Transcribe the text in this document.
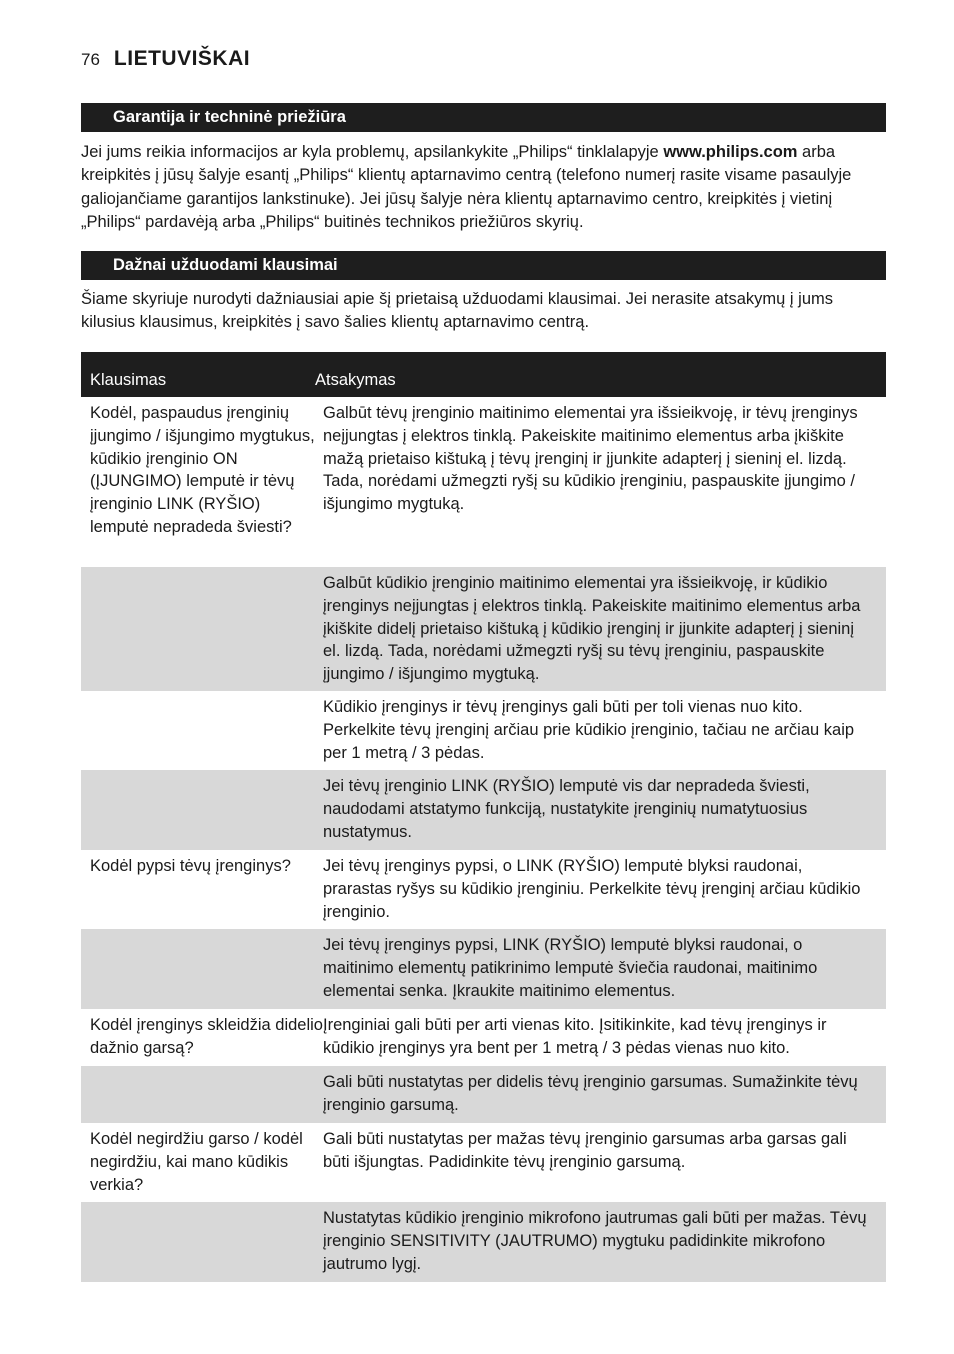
76 LIETUVIŠKAI
Garantija ir techninė priežiūra

Jei jums reikia informacijos ar kyla problemų, apsilankykite „Philips“ tinklalapyje www.philips.com arba kreipkitės į jūsų šalyje esantį „Philips“ klientų aptarnavimo centrą (telefono numerį rasite visame pasaulyje galiojančiame garantijos lankstinuke). Jei jūsų šalyje nėra klientų aptarnavimo centro, kreipkitės į vietinį „Philips“ pardavėją arba „Philips“ buitinės technikos priežiūros skyrių.

Dažnai užduodami klausimai

Šiame skyriuje nurodyti dažniausiai apie šį prietaisą užduodami klausimai. Jei nerasite atsakymų į jums kilusius klausimus, kreipkitės į savo šalies klientų aptarnavimo centrą.

Klausimas	Atsakymas
Kodėl, paspaudus įrenginių įjungimo / išjungimo mygtukus, kūdikio įrenginio ON (ĮJUNGIMO) lemputė ir tėvų įrenginio LINK (RYŠIO) lemputė nepradeda šviesti?
Galbūt tėvų įrenginio maitinimo elementai yra išsieikvoję, ir tėvų įrenginys neįjungtas į elektros tinklą. Pakeiskite maitinimo elementus arba įkiškite mažą prietaiso kištuką į tėvų įrenginį ir įjunkite adapterį į sieninį el. lizdą. Tada, norėdami užmegzti ryšį su kūdikio įrenginiu, paspauskite įjungimo / išjungimo mygtuką.
Galbūt kūdikio įrenginio maitinimo elementai yra išsieikvoję, ir kūdikio įrenginys neįjungtas į elektros tinklą. Pakeiskite maitinimo elementus arba įkiškite didelį prietaiso kištuką į kūdikio įrenginį ir įjunkite adapterį į sieninį el. lizdą. Tada, norėdami užmegzti ryšį su tėvų įrenginiu, paspauskite įjungimo / išjungimo mygtuką.
Kūdikio įrenginys ir tėvų įrenginys gali būti per toli vienas nuo kito. Perkelkite tėvų įrenginį arčiau prie kūdikio įrenginio, tačiau ne arčiau kaip per 1 metrą / 3 pėdas.
Jei tėvų įrenginio LINK (RYŠIO) lemputė vis dar nepradeda šviesti, naudodami atstatymo funkciją, nustatykite įrenginių numatytuosius nustatymus.
Kodėl pypsi tėvų įrenginys?	Jei tėvų įrenginys pypsi, o LINK (RYŠIO) lemputė blyksi raudonai, prarastas ryšys su kūdikio įrenginiu. Perkelkite tėvų įrenginį arčiau kūdikio įrenginio.
Jei tėvų įrenginys pypsi, LINK (RYŠIO) lemputė blyksi raudonai, o maitinimo elementų patikrinimo lemputė šviečia raudonai, maitinimo elementai senka. Įkraukite maitinimo elementus.
Kodėl įrenginys skleidžia didelio dažnio garsą?
Įrenginiai gali būti per arti vienas kito. Įsitikinkite, kad tėvų įrenginys ir kūdikio įrenginys yra bent per 1 metrą / 3 pėdas vienas nuo kito.
Gali būti nustatytas per didelis tėvų įrenginio garsumas. Sumažinkite tėvų įrenginio garsumą.
Kodėl negirdžiu garso / kodėl negirdžiu, kai mano kūdikis verkia?
Gali būti nustatytas per mažas tėvų įrenginio garsumas arba garsas gali būti išjungtas. Padidinkite tėvų įrenginio garsumą.
Nustatytas kūdikio įrenginio mikrofono jautrumas gali būti per mažas. Tėvų įrenginio SENSITIVITY (JAUTRUMO) mygtuku padidinkite mikrofono jautrumo lygį.
